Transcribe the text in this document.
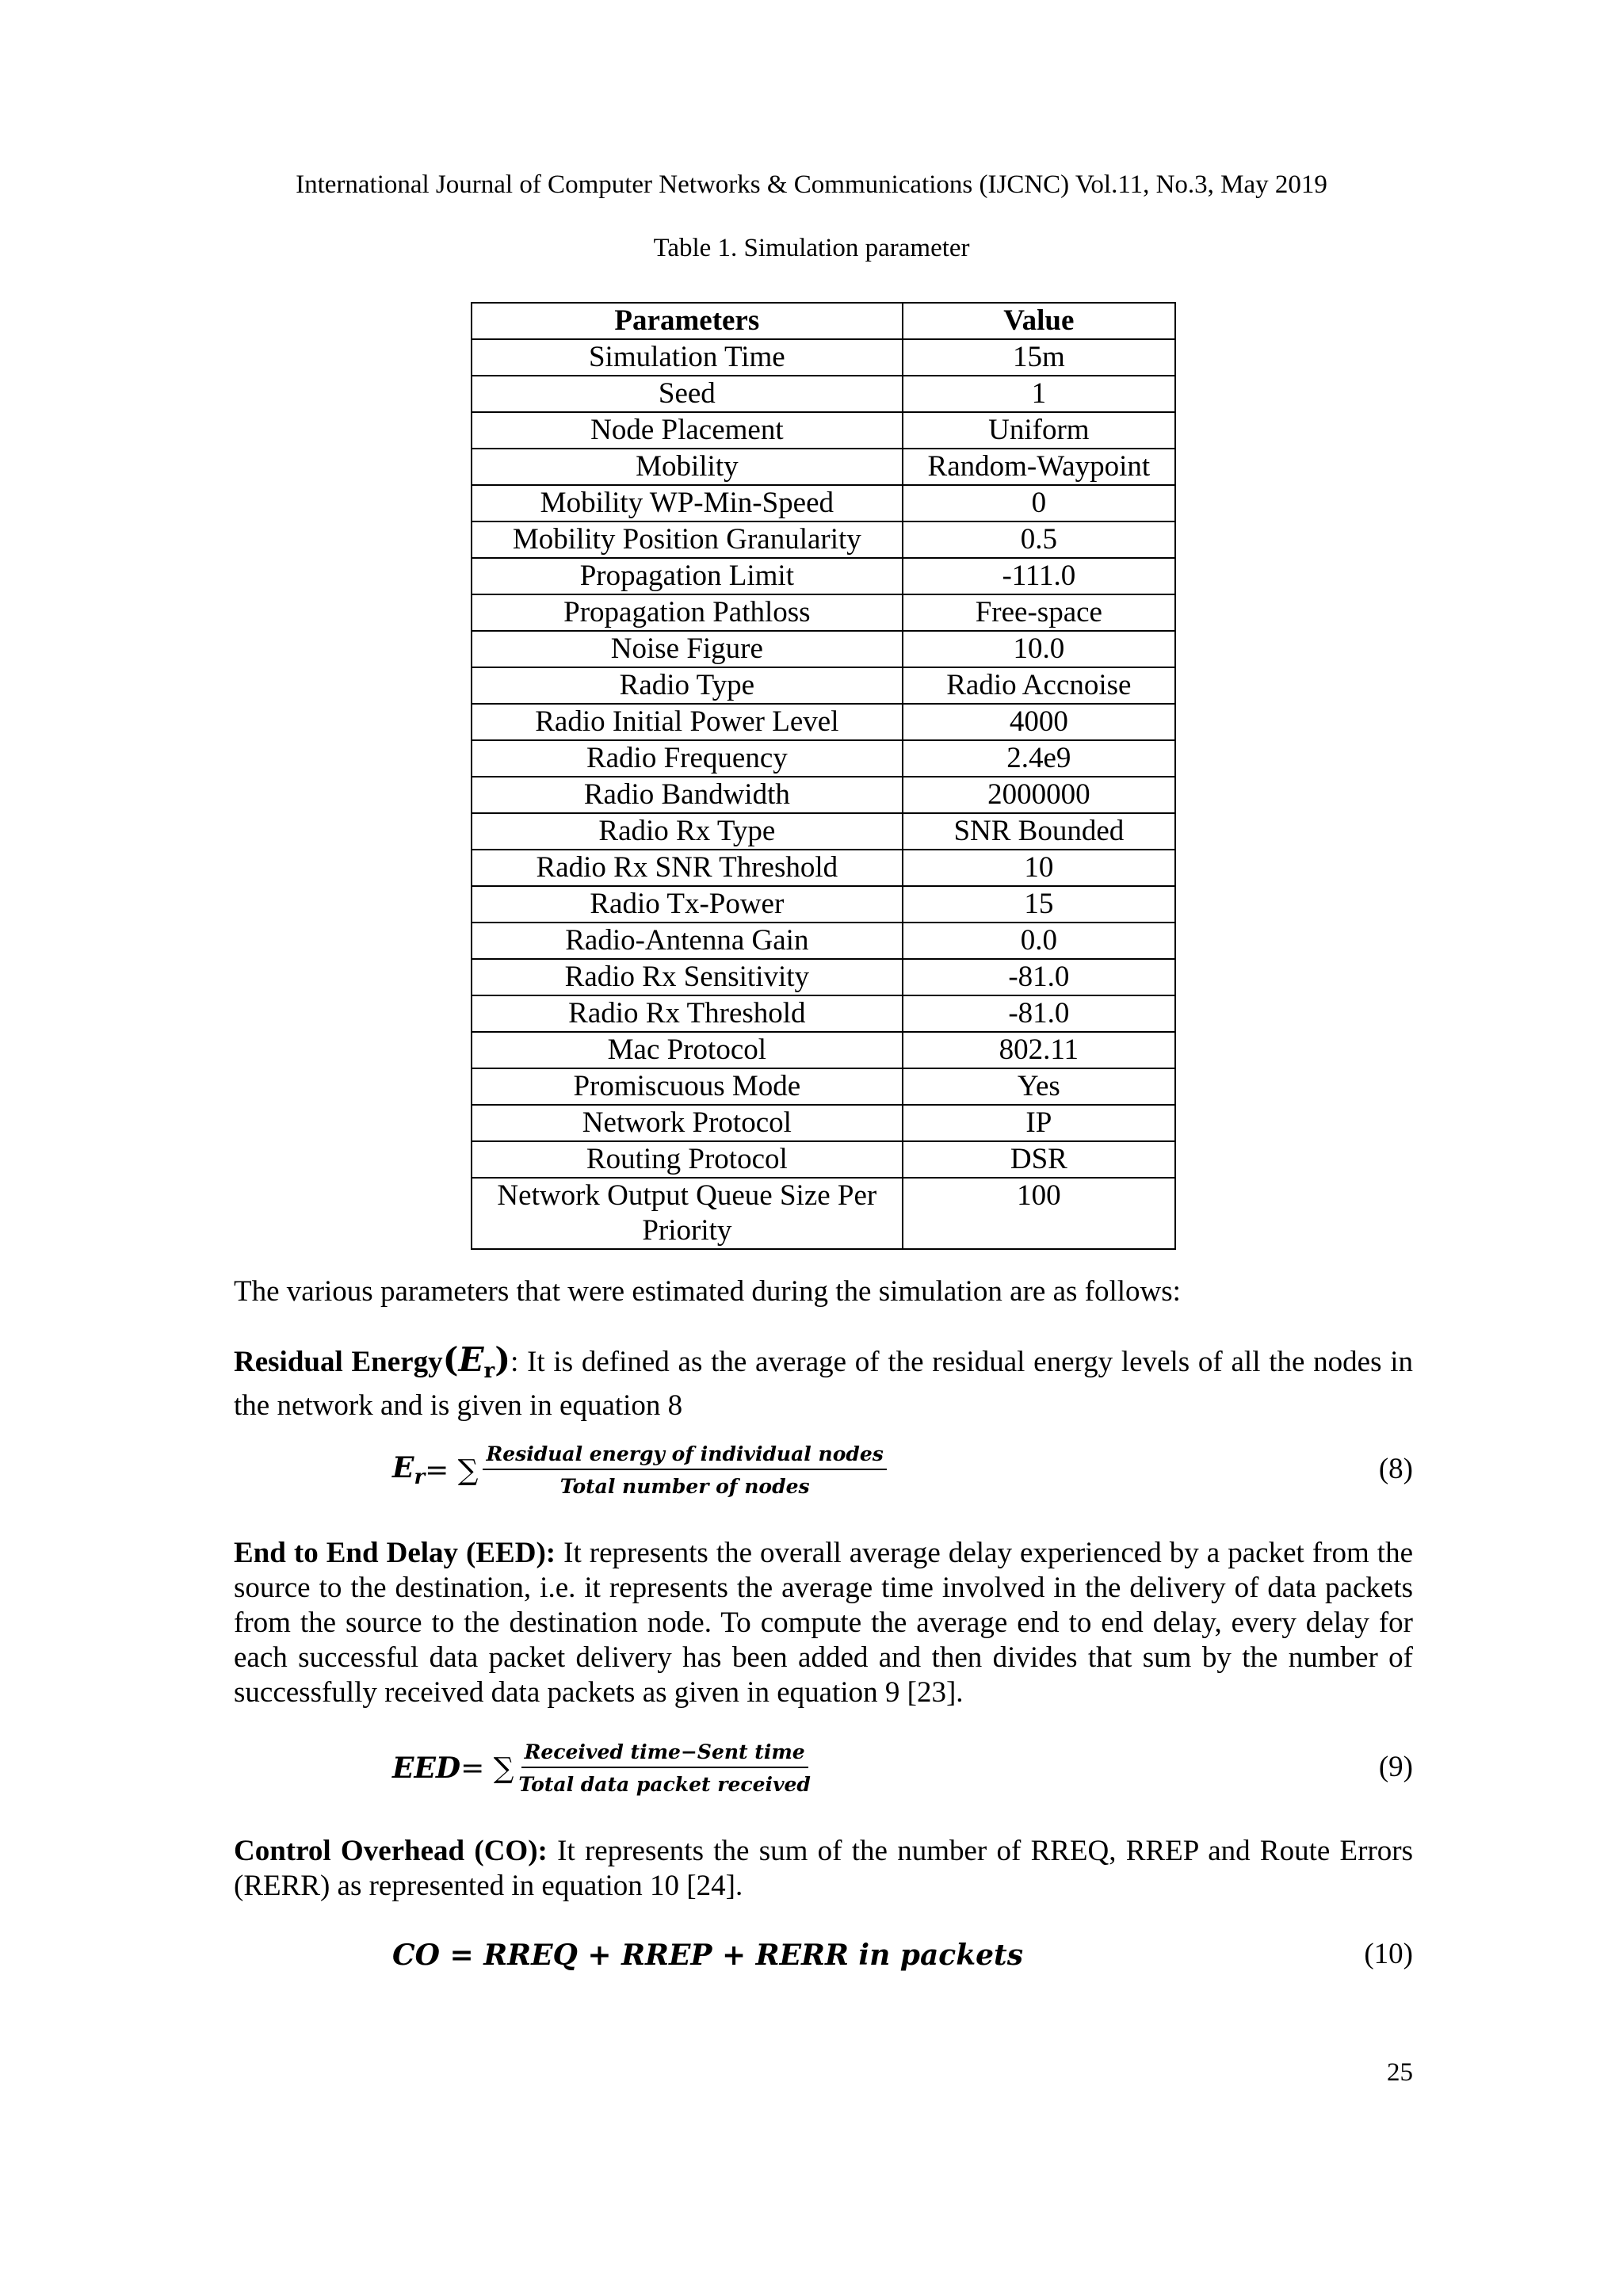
International Journal of Computer Networks & Communications (IJCNC) Vol.11, No.3, May 2019
Table 1. Simulation parameter
Parameters	Value
Simulation Time	15m
Seed	1
Node Placement	Uniform
Mobility	Random-Waypoint
Mobility WP-Min-Speed	0
Mobility Position Granularity	0.5
Propagation Limit	-111.0
Propagation Pathloss	Free-space
Noise Figure	10.0
Radio Type	Radio Accnoise
Radio Initial Power Level	4000
Radio Frequency	2.4e9
Radio Bandwidth	2000000
Radio Rx Type	SNR Bounded
Radio Rx SNR Threshold	10
Radio Tx-Power	15
Radio-Antenna Gain	0.0
Radio Rx Sensitivity	-81.0
Radio Rx Threshold	-81.0
Mac Protocol	802.11
Promiscuous Mode	Yes
Network Protocol	IP
Routing Protocol	DSR
Network Output Queue Size Per Priority	100
The various parameters that were estimated during the simulation are as follows:
Residual $Energy(E_r)$: It is defined as the average of the residual energy levels of all the nodes in the network and is given in equation 8
$E_r$ = ∑ $\frac{\text{Residual energy of individual nodes}}{\text{Total number of nodes}}$	(8)
End to End Delay (EED): It represents the overall average delay experienced by a packet from the source to the destination, i.e. it represents the average time involved in the delivery of data packets from the source to the destination node. To compute the average end to end delay, every delay for each successful data packet delivery has been added and then divides that sum by the number of successfully received data packets as given in equation 9 [23].
EED = ∑ $\frac{\text{Received time−Sent time}}{\text{Total data packet received}}$	(9)
Control Overhead (CO): It represents the sum of the number of RREQ, RREP and Route Errors (RERR) as represented in equation 10 [24].
CO = RREQ + RREP + RERR in packets	(10)
25
